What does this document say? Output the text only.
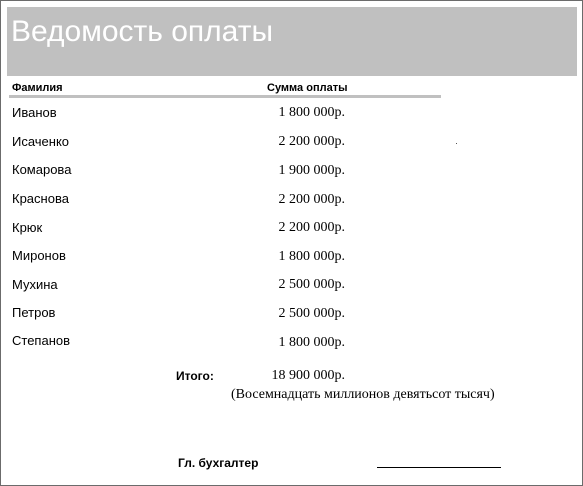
Ведомость оплаты
Фамилия	Сумма оплаты
Иванов	1 800 000р.
Исаченко	2 200 000р.
Комарова	1 900 000р.
Краснова	2 200 000р.
Крюк	2 200 000р.
Миронов	1 800 000р.
Мухина	2 500 000р.
Петров	2 500 000р.
Степанов	1 800 000р.
Итого:	18 900 000р.
(Восемнадцать миллионов девятьсот тысяч)
Гл. бухгалтер
